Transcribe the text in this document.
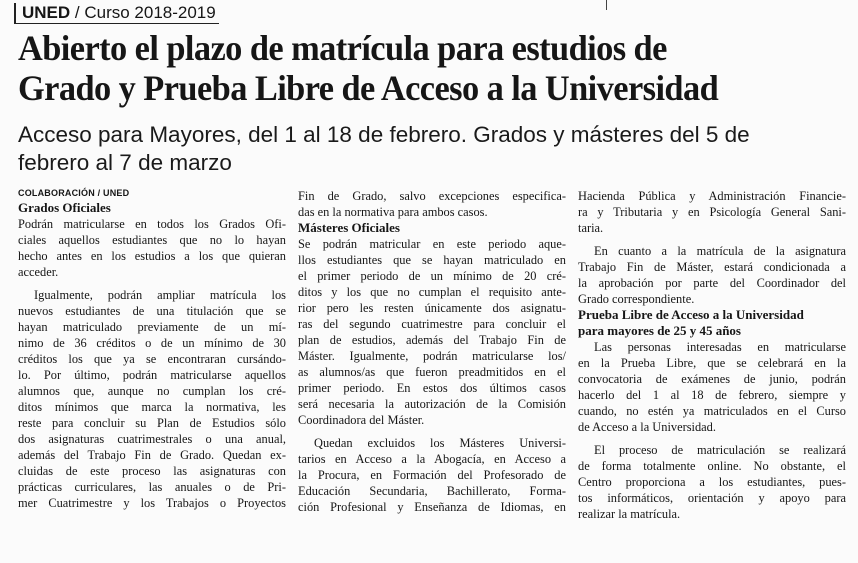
UNED / Curso 2018-2019
Abierto el plazo de matrícula para estudios de
Grado y Prueba Libre de Acceso a la Universidad
Acceso para Mayores, del 1 al 18 de febrero. Grados y másteres del 5 de
febrero al 7 de marzo
COLABORACIÓN / UNED
Grados Oficiales
Podrán matricularse en todos los Grados Ofi-
ciales aquellos estudiantes que no lo hayan
hecho antes en los estudios a los que quieran
acceder.
Igualmente, podrán ampliar matrícula los
nuevos estudiantes de una titulación que se
hayan matriculado previamente de un mí-
nimo de 36 créditos o de un mínimo de 30
créditos los que ya se encontraran cursándo-
lo. Por último, podrán matricularse aquellos
alumnos que, aunque no cumplan los cré-
ditos mínimos que marca la normativa, les
reste para concluir su Plan de Estudios sólo
dos asignaturas cuatrimestrales o una anual,
además del Trabajo Fin de Grado. Quedan ex-
cluidas de este proceso las asignaturas con
prácticas curriculares, las anuales o de Pri-
mer Cuatrimestre y los Trabajos o Proyectos
Fin de Grado, salvo excepciones especifica-
das en la normativa para ambos casos.
Másteres Oficiales
Se podrán matricular en este periodo aque-
llos estudiantes que se hayan matriculado en
el primer periodo de un mínimo de 20 cré-
ditos y los que no cumplan el requisito ante-
rior pero les resten únicamente dos asignatu-
ras del segundo cuatrimestre para concluir el
plan de estudios, además del Trabajo Fin de
Máster. Igualmente, podrán matricularse los/
as alumnos/as que fueron preadmitidos en el
primer periodo. En estos dos últimos casos
será necesaria la autorización de la Comisión
Coordinadora del Máster.
Quedan excluidos los Másteres Universi-
tarios en Acceso a la Abogacía, en Acceso a
la Procura, en Formación del Profesorado de
Educación Secundaria, Bachillerato, Forma-
ción Profesional y Enseñanza de Idiomas, en
Hacienda Pública y Administración Financie-
ra y Tributaria y en Psicología General Sani-
taria.
En cuanto a la matrícula de la asignatura
Trabajo Fin de Máster, estará condicionada a
la aprobación por parte del Coordinador del
Grado correspondiente.
Prueba Libre de Acceso a la Universidad
para mayores de 25 y 45 años
Las personas interesadas en matricularse
en la Prueba Libre, que se celebrará en la
convocatoria de exámenes de junio, podrán
hacerlo del 1 al 18 de febrero, siempre y
cuando, no estén ya matriculados en el Curso
de Acceso a la Universidad.
El proceso de matriculación se realizará
de forma totalmente online. No obstante, el
Centro proporciona a los estudiantes, pues-
tos informáticos, orientación y apoyo para
realizar la matrícula.
